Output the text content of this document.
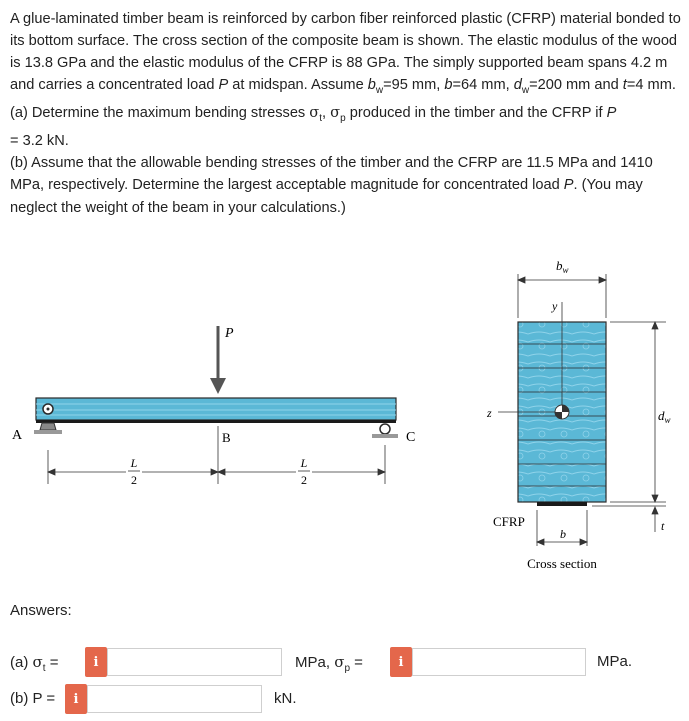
A glue-laminated timber beam is reinforced by carbon fiber reinforced plastic (CFRP) material bonded to its bottom surface. The cross section of the composite beam is shown. The elastic modulus of the wood is 13.8 GPa and the elastic modulus of the CFRP is 88 GPa. The simply supported beam spans 4.2 m and carries a concentrated load P at midspan. Assume $b_w=95$ mm, b=64 mm, $d_w=200$ mm and t=4 mm.

(a) Determine the maximum bending stresses $\sigma_t$, $\sigma_p$ produced in the timber and the CFRP if P
= 3.2 kN.

(b) Assume that the allowable bending stresses of the timber and the CFRP are 11.5 MPa and 1410 MPa, respectively. Determine the largest acceptable magnitude for concentrated load P. (You may neglect the weight of the beam in your calculations.)

A	C
P
B
L
2
L
2
y
z
$b_w$
$d_w$
t
b
CFRP
Cross section
Answers:
(a) $\sigma_t$ =	i	MPa, $\sigma_p$ =	i	MPa.
(b) P =	i	kN.
